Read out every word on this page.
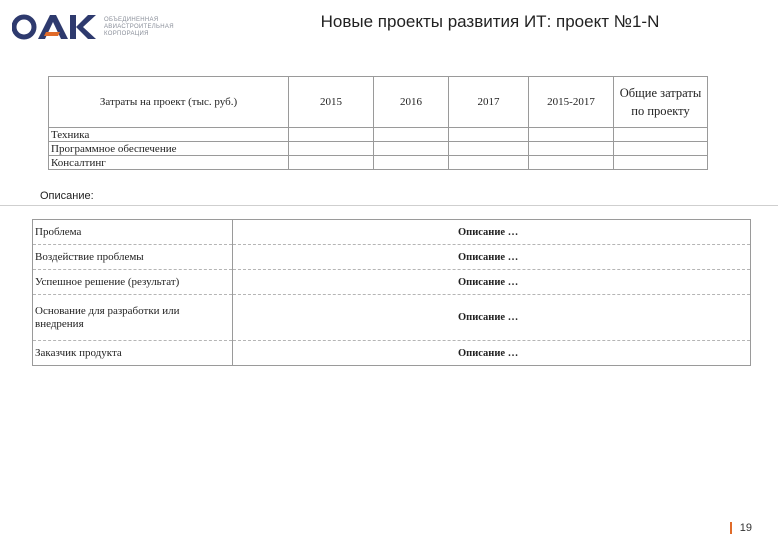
ОБЪЕДИНЕННАЯ
АВИАСТРОИТЕЛЬНАЯ
КОРПОРАЦИЯ
Новые проекты развития ИТ: проект №1-N
Затраты на проект (тыс. руб.)	2015	2016	2017	2015-2017	Общие затраты по проекту
Техника					
Программное обеспечение					
Консалтинг					
Описание:
Проблема	Описание …
Воздействие проблемы	Описание …
Успешное решение (результат)	Описание …
Основание для разработки или внедрения	Описание …
Заказчик продукта	Описание …
19
